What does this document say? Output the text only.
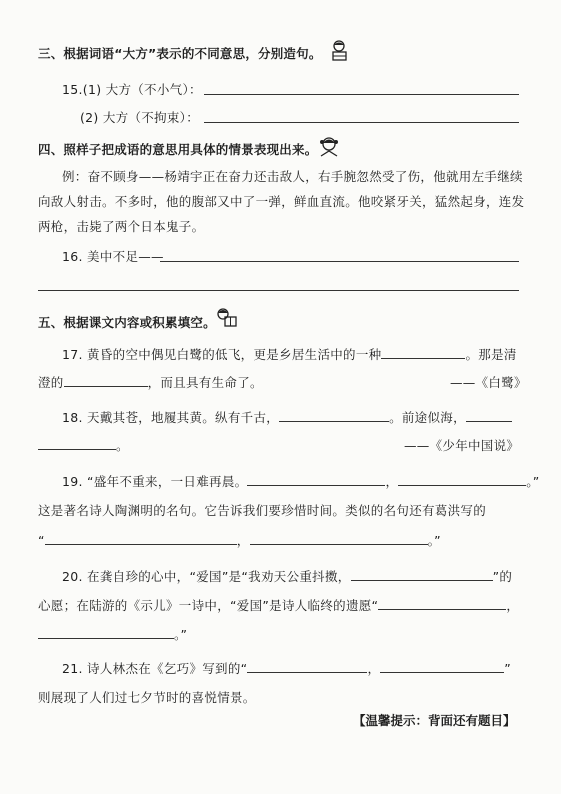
三、根据词语“大方”表示的不同意思，分别造句。
15.(1) 大方（不小气）：
(2) 大方（不拘束）：
四、照样子把成语的意思用具体的情景表现出来。
例：奋不顾身——杨靖宇正在奋力还击敌人，右手腕忽然受了伤，他就用左手继续
向敌人射击。不多时，他的腹部又中了一弹，鲜血直流。他咬紧牙关，猛然起身，连发
两枪，击毙了两个日本鬼子。
16. 美中不足——
五、根据课文内容或积累填空。
17. 黄昏的空中偶见白鹭的低飞，更是乡居生活中的一种	。那是清
澄的	，而且具有生命了。	——《白鹭》
18. 天戴其苍，地履其黄。纵有千古，	。前途似海，
。	——《少年中国说》
19. “盛年不重来，一日难再晨。	，	。”
这是著名诗人陶渊明的名句。它告诉我们要珍惜时间。类似的名句还有葛洪写的
“	，	。”
20. 在龚自珍的心中，“爱国”是“我劝天公重抖擞，	”的
心愿；在陆游的《示儿》一诗中，“爱国”是诗人临终的遗愿“	，
。”
21. 诗人林杰在《乞巧》写到的“	，	”
则展现了人们过七夕节时的喜悦情景。
【温馨提示：背面还有题目】
